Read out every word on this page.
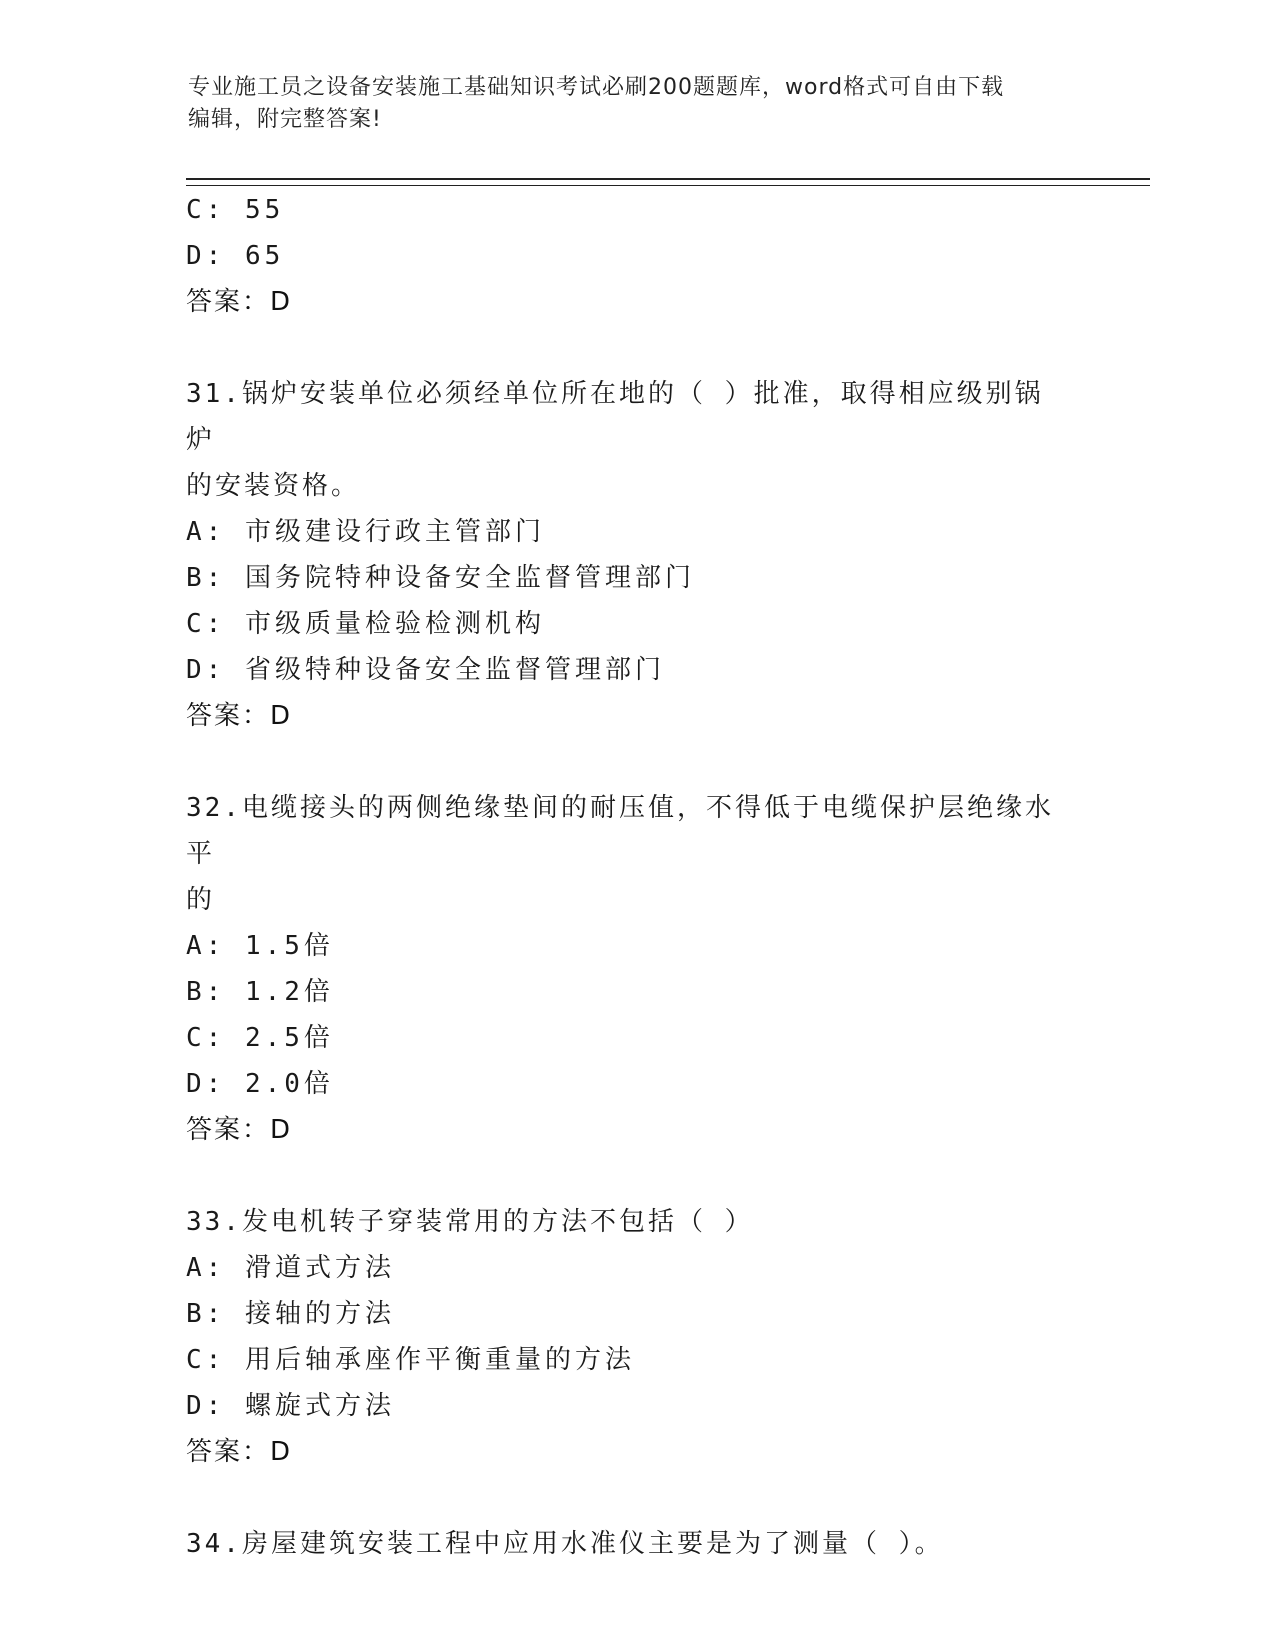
专业施工员之设备安装施工基础知识考试必刷200题题库，word格式可自由下载
编辑，附完整答案!
C: 55
D: 65
答案：D
31.锅炉安装单位必须经单位所在地的（ ）批准，取得相应级别锅炉
的安装资格。
A: 市级建设行政主管部门
B: 国务院特种设备安全监督管理部门
C: 市级质量检验检测机构
D: 省级特种设备安全监督管理部门
答案：D
32.电缆接头的两侧绝缘垫间的耐压值，不得低于电缆保护层绝缘水平
的
A: 1.5倍
B: 1.2倍
C: 2.5倍
D: 2.0倍
答案：D
33.发电机转子穿装常用的方法不包括（ ）
A: 滑道式方法
B: 接轴的方法
C: 用后轴承座作平衡重量的方法
D: 螺旋式方法
答案：D
34.房屋建筑安装工程中应用水准仪主要是为了测量（ ）。
